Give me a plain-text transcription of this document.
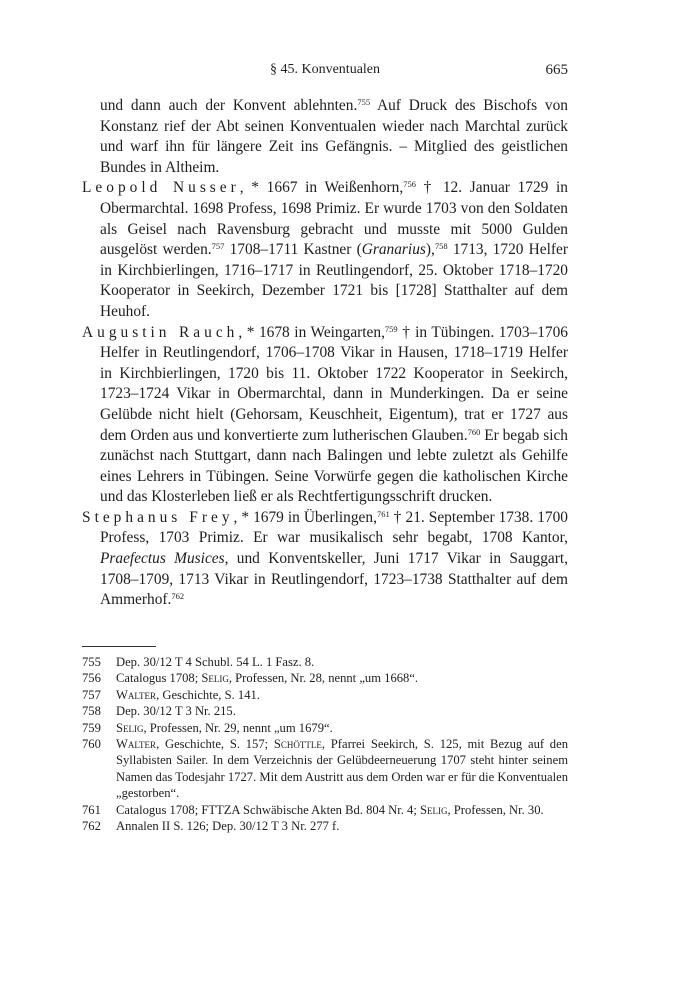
§ 45. Konventualen	665

und dann auch der Konvent ablehnten.$^{755}$ Auf Druck des Bischofs von Konstanz rief der Abt seinen Konventualen wieder nach Marchtal zurück und warf ihn für längere Zeit ins Gefängnis. – Mitglied des geistlichen Bundes in Altheim.

Leopold Nusser, * 1667 in Weißenhorn,$^{756}$ † 12. Januar 1729 in Obermarchtal. 1698 Profess, 1698 Primiz. Er wurde 1703 von den Soldaten als Geisel nach Ravensburg gebracht und musste mit 5000 Gulden ausgelöst werden.$^{757}$ 1708–1711 Kastner (Granarius),$^{758}$ 1713, 1720 Helfer in Kirchbierlingen, 1716–1717 in Reutlingendorf, 25. Oktober 1718–1720 Kooperator in Seekirch, Dezember 1721 bis [1728] Statthalter auf dem Heuhof.

Augustin Rauch, * 1678 in Weingarten,$^{759}$ † in Tübingen. 1703–1706 Helfer in Reutlingendorf, 1706–1708 Vikar in Hausen, 1718–1719 Helfer in Kirchbierlingen, 1720 bis 11. Oktober 1722 Kooperator in Seekirch, 1723–1724 Vikar in Obermarchtal, dann in Munderkingen. Da er seine Gelübde nicht hielt (Gehorsam, Keuschheit, Eigentum), trat er 1727 aus dem Orden aus und konvertierte zum lutherischen Glauben.$^{760}$ Er begab sich zunächst nach Stuttgart, dann nach Balingen und lebte zuletzt als Gehilfe eines Lehrers in Tübingen. Seine Vorwürfe gegen die katholischen Kirche und das Klosterleben ließ er als Rechtfertigungsschrift drucken.

Stephanus Frey, * 1679 in Überlingen,$^{761}$ † 21. September 1738. 1700 Profess, 1703 Primiz. Er war musikalisch sehr begabt, 1708 Kantor, Praefectus Musices, und Konventskeller, Juni 1717 Vikar in Sauggart, 1708–1709, 1713 Vikar in Reutlingendorf, 1723–1738 Statthalter auf dem Ammerhof.$^{762}$

755	Dep. 30/12 T 4 Schubl. 54 L. 1 Fasz. 8.
756	Catalogus 1708; Selig, Professen, Nr. 28, nennt „um 1668“.
757	Walter, Geschichte, S. 141.
758	Dep. 30/12 T 3 Nr. 215.
759	Selig, Professen, Nr. 29, nennt „um 1679“.
760	Walter, Geschichte, S. 157; Schöttle, Pfarrei Seekirch, S. 125, mit Bezug auf den Syllabisten Sailer. In dem Verzeichnis der Gelübdeerneuerung 1707 steht hinter seinem Namen das Todesjahr 1727. Mit dem Austritt aus dem Orden war er für die Konventualen „gestorben“.
761	Catalogus 1708; FTTZA Schwäbische Akten Bd. 804 Nr. 4; Selig, Professen, Nr. 30.
762	Annalen II S. 126; Dep. 30/12 T 3 Nr. 277 f.
